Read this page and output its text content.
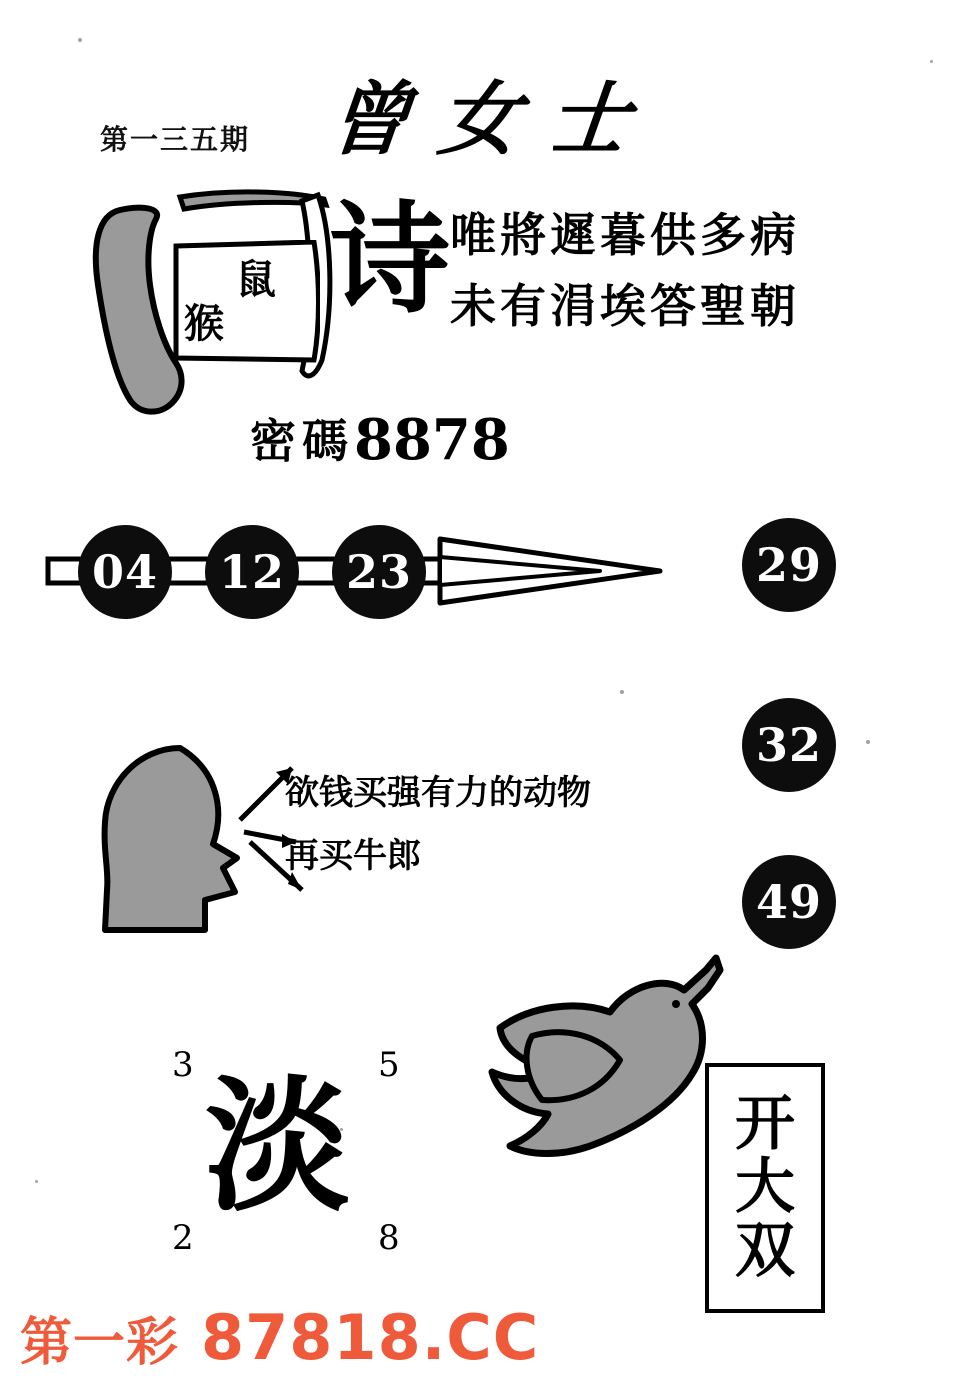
第一三五期 曾女士
鼠
猴 诗 唯將遲暮供多病
未有涓埃答聖朝
密碼8878
04	12	23	29
32
49
欲钱买强有力的动物
再买牛郎
3	5
2	8
淡	开
大
双
第一彩 87818.CC
